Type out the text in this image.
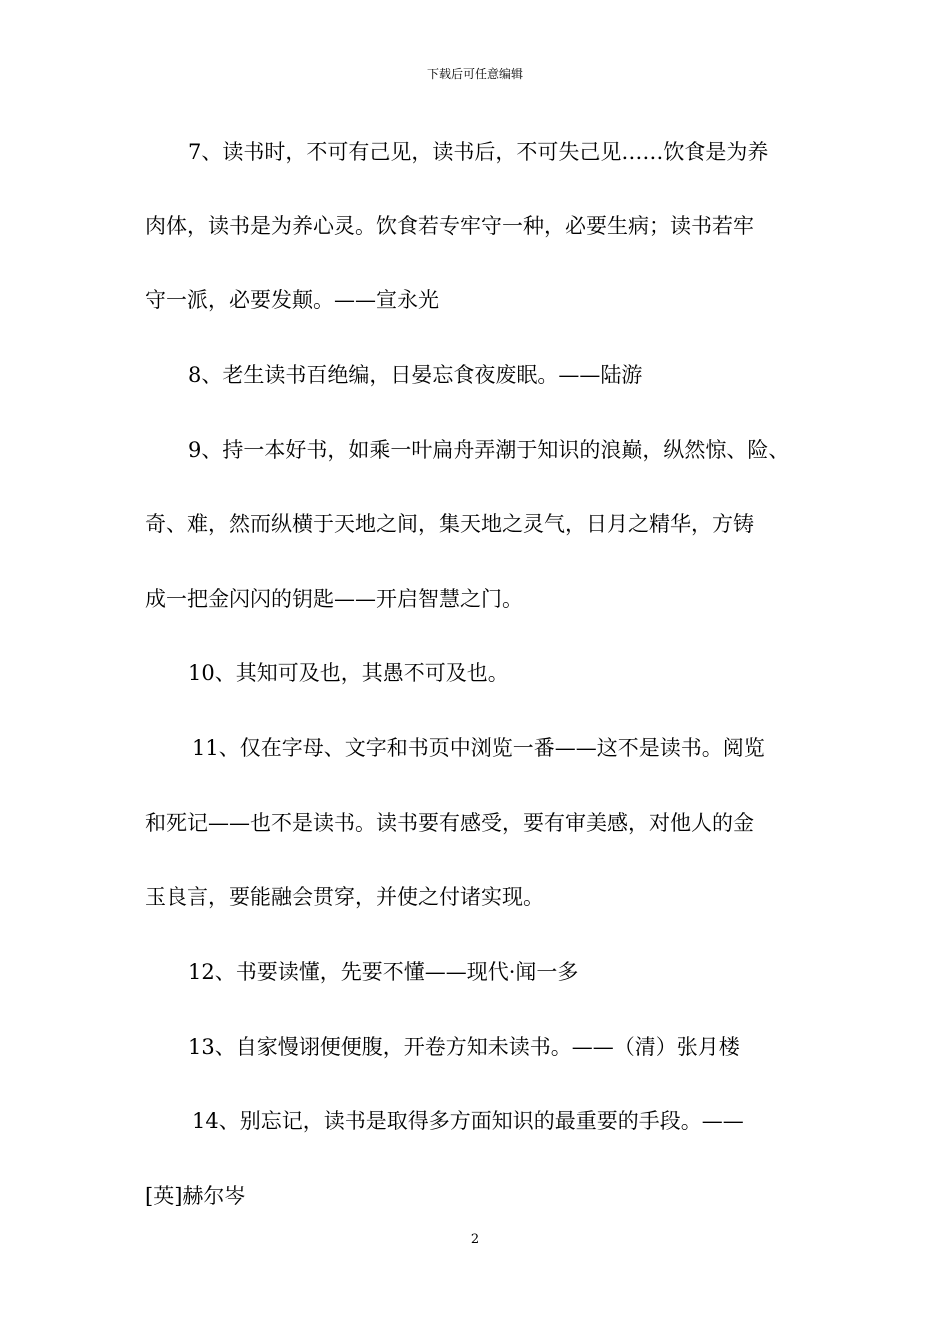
下载后可任意编辑
7、读书时，不可有己见，读书后，不可失己见……饮食是为养
肉体，读书是为养心灵。饮食若专牢守一种，必要生病；读书若牢
守一派，必要发颠。——宣永光
8、老生读书百绝编，日晏忘食夜废眠。——陆游
9、持一本好书，如乘一叶扁舟弄潮于知识的浪巅，纵然惊、险、
奇、难，然而纵横于天地之间，集天地之灵气，日月之精华，方铸
成一把金闪闪的钥匙——开启智慧之门。
10、其知可及也，其愚不可及也。
11、仅在字母、文字和书页中浏览一番——这不是读书。阅览
和死记——也不是读书。读书要有感受，要有审美感，对他人的金
玉良言，要能融会贯穿，并使之付诸实现。
12、书要读懂，先要不懂——现代·闻一多
13、自家慢诩便便腹，开卷方知未读书。——（清）张月楼
14、别忘记，读书是取得多方面知识的最重要的手段。——
[英]赫尔岑
2
